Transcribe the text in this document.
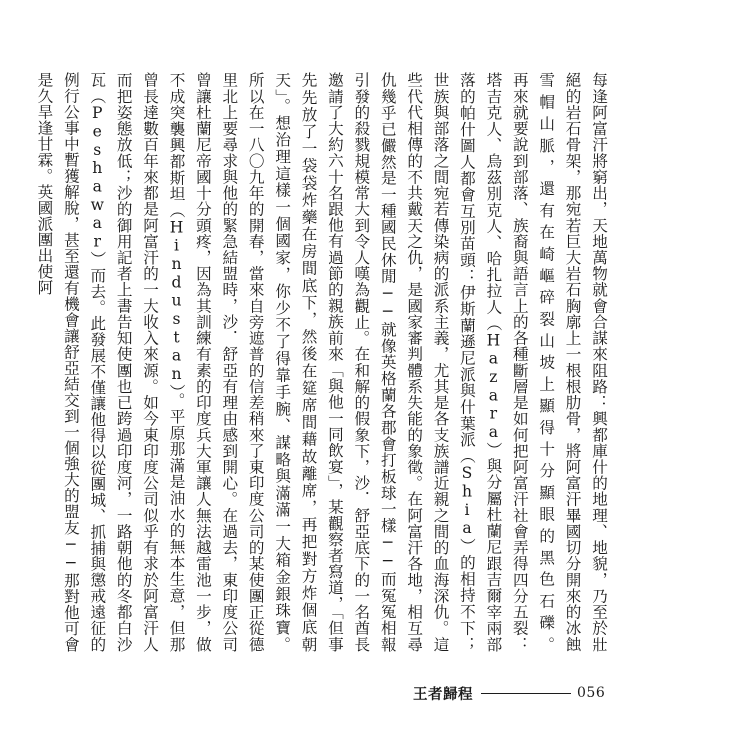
每逢阿富汗將窮出，天地萬物就會合謀來阻路：興都庫什的地理、地貌，乃至於壯絕的岩石骨架，那宛若巨大岩石胸廓上一根根肋骨，將阿富汗畢國切分開來的冰蝕雪帽山脈，還有在崎嶇碎裂山坡上顯得十分顯眼的黑色石礫。

再來就要說到部落、族裔與語言上的各種斷層是如何把阿富汗社會弄得四分五裂：塔吉克人、烏茲別克人、哈扎拉人（Hazara）與分屬杜蘭尼跟吉爾宰兩部落的帕什圖人都會互別苗頭：伊斯蘭遜尼派與什葉派（Shia）的相持不下；世族與部落之間宛若傳染病的派系主義，尤其是各支族譜近親之間的血海深仇。這些代代相傳的不共戴天之仇，是國家審判體系失能的象徵。在阿富汗各地，相互尋仇幾乎已儼然是一種國民休閒──就像英格蘭各郡會打板球一樣──而冤冤相報引發的殺戮規模常大到令人嘆為觀止。在和解的假象下，沙．舒亞底下的一名酋長邀請了大約六十名跟他有過節的親族前來「與他一同飲宴」，某觀察者寫道，「但事先先放了一袋袋炸藥在房間底下，然後在筵席間藉故離席，再把對方炸個底朝天」。想治理這樣一個國家，你少不了得靠手腕、謀略與滿滿一大箱金銀珠寶。

所以在一八〇九年的開春，當來自旁遮普的信差稍來了東印度公司的某使團正從德里北上要尋求與他的緊急結盟時，沙．舒亞有理由感到開心。在過去，東印度公司曾讓杜蘭尼帝國十分頭疼，因為其訓練有素的印度兵大軍讓人無法越雷池一步，做不成突襲興都斯坦（Hindustan）。平原那滿是油水的無本生意，但那曾長達數百年來都是阿富汗的一大收入來源。如今東印度公司似乎有求於阿富汗人而把姿態放低；沙的御用記者上書告知使團也已跨過印度河，一路朝他的冬都白沙瓦（Peshawar）而去。此發展不僅讓他得以從團城、抓捕與懲戒遠征的例行公事中暫獲解脫，甚至還有機會讓舒亞結交到一個強大的盟友──那對他可會是久旱逢甘霖。英國派團出使阿

王者歸程	056
